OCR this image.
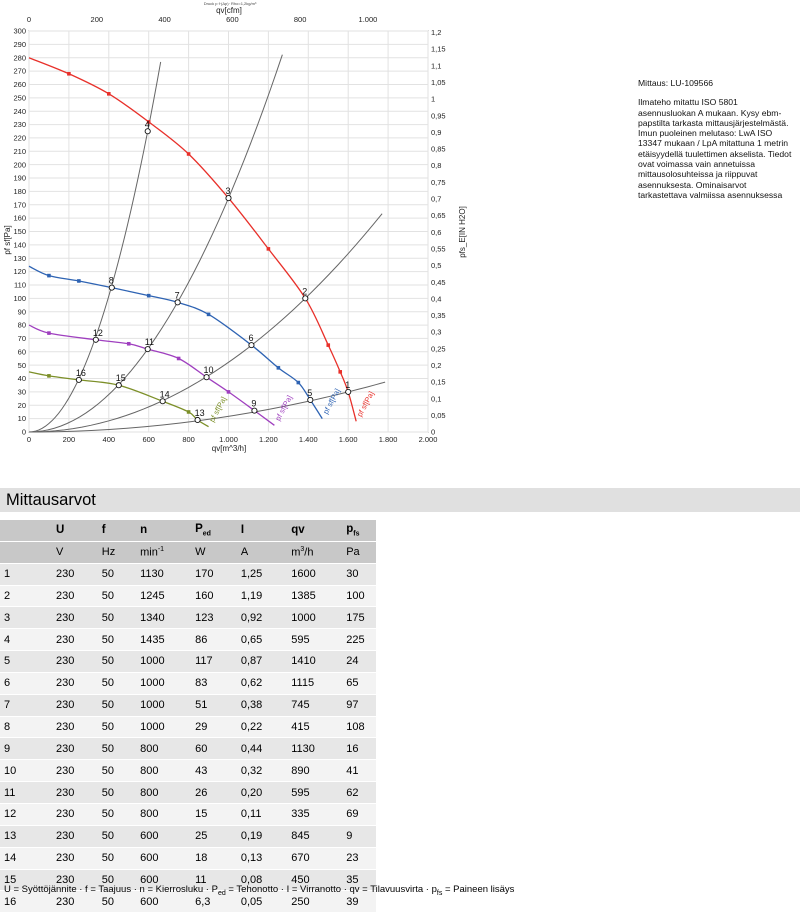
0	200	400	600	800	1.000	1.200	1.400	1.600	1.800	2.000
0
10
20
30
40
50
60
70
80
90
100
110
120
130
140
150
160
170
180
190
200
210
220
230
240
250
260
270
280
290
300
0	200	400	600	800	1.000
0
0,05
0,1
0,15
0,2
0,25
0,3
0,35
0,4
0,45
0,5
0,55
0,6
0,65
0,7
0,75
0,8
0,85
0,9
0,95
1
1,05
1,1
1,15
1,2
qv[m^3/h]
qv[cfm]
Druck p f·(Δp)· Rho=1,2kg/m³
pf sf[Pa]	pfs_E[IN H2O]
pf sf[Pa]
pf sf[Pa]
pf sf[Pa]
pf sf[Pa]
1
2
3
4
5
6
7
8
9
10
11
12
13
14
15
16
Mittaus: LU-109566
Ilmateho mitattu ISO 5801 asennusluokan A mukaan. Kysy ebm-papstilta tarkasta mittausjärjestelmästä. Imun puoleinen melutaso: LwA ISO 13347 mukaan / LpA mitattuna 1 metrin etäisyydellä tuulettimen akselista. Tiedot ovat voimassa vain annetuissa mittausolosuhteissa ja riippuvat asennuksesta. Ominaisarvot tarkastettava valmiissa asennuksessa
Mittausarvot
		U		f		n		$P_{ed}$		I		qv		$p_{fs}$
		V		Hz		$\min^{-1}$		W		A		$m^3/h$		Pa
1		230		50		1130		170		1,25		1600		30
2		230		50		1245		160		1,19		1385		100
3		230		50		1340		123		0,92		1000		175
4		230		50		1435		86		0,65		595		225
5		230		50		1000		117		0,87		1410		24
6		230		50		1000		83		0,62		1115		65
7		230		50		1000		51		0,38		745		97
8		230		50		1000		29		0,22		415		108
9		230		50		800		60		0,44		1130		16
10		230		50		800		43		0,32		890		41
11		230		50		800		26		0,20		595		62
12		230		50		800		15		0,11		335		69
13		230		50		600		25		0,19		845		9
14		230		50		600		18		0,13		670		23
15		230		50		600		11		0,08		450		35
16		230		50		600		6,3		0,05		250		39
U = Syöttöjännite · f = Taajuus · n = Kierrosluku · $P_{ed}$ = Tehonotto · I = Virranotto · qv = Tilavuusvirta · $p_{fs}$ = Paineen lisäys
